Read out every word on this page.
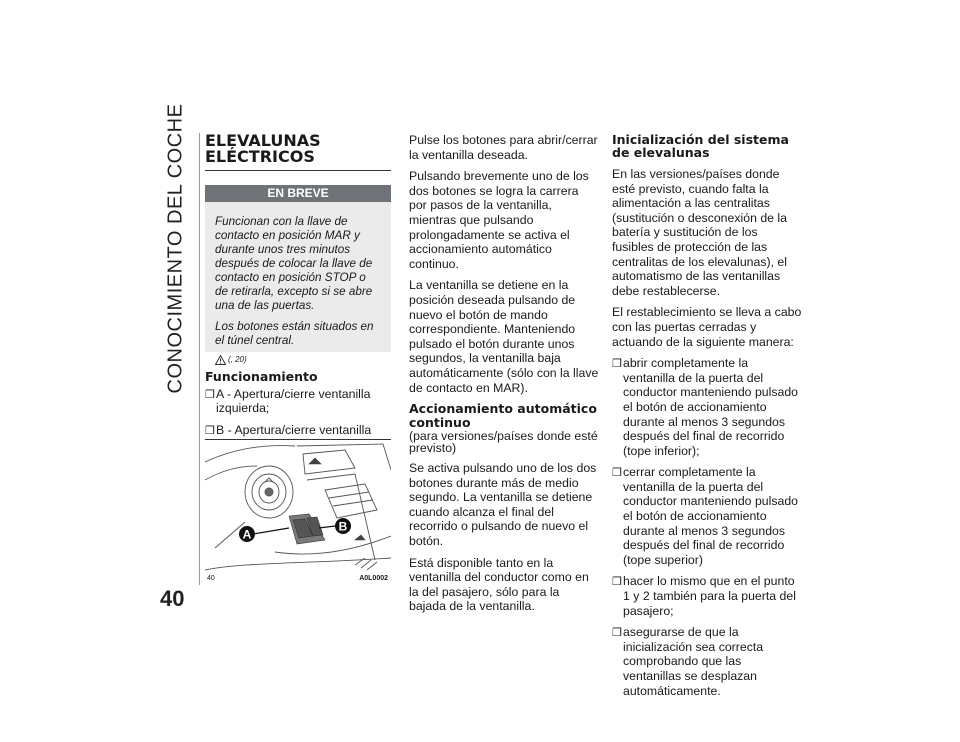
CONOCIMIENTO DEL COCHE
40
ELEVALUNAS ELÉCTRICOS
EN BREVE

Funcionan con la llave de contacto en posición MAR y durante unos tres minutos después de colocar la llave de contacto en posición STOP o de retirarla, excepto si se abre una de las puertas.

Los botones están situados en el túnel central.

(, 20)
Funcionamiento
❒ A - Apertura/cierre ventanilla izquierda;
❒ B - Apertura/cierre ventanilla
A
B
40	A0L0002

Pulse los botones para abrir/cerrar la ventanilla deseada.

Pulsando brevemente uno de los dos botones se logra la carrera por pasos de la ventanilla, mientras que pulsando prolongadamente se activa el accionamiento automático continuo.

La ventanilla se detiene en la posición deseada pulsando de nuevo el botón de mando correspondiente. Manteniendo pulsado el botón durante unos segundos, la ventanilla baja automáticamente (sólo con la llave de contacto en MAR).

Accionamiento automático continuo

(para versiones/países donde esté previsto)

Se activa pulsando uno de los dos botones durante más de medio segundo. La ventanilla se detiene cuando alcanza el final del recorrido o pulsando de nuevo el botón.

Está disponible tanto en la ventanilla del conductor como en la del pasajero, sólo para la bajada de la ventanilla.

Inicialización del sistema de elevalunas

En las versiones/países donde esté previsto, cuando falta la alimentación a las centralitas (sustitución o desconexión de la batería y sustitución de los fusibles de protección de las centralitas de los elevalunas), el automatismo de las ventanillas debe restablecerse.

El restablecimiento se lleva a cabo con las puertas cerradas y actuando de la siguiente manera:

❒ abrir completamente la ventanilla de la puerta del conductor manteniendo pulsado el botón de accionamiento durante al menos 3 segundos después del final de recorrido (tope inferior);
❒ cerrar completamente la ventanilla de la puerta del conductor manteniendo pulsado el botón de accionamiento durante al menos 3 segundos después del final de recorrido (tope superior)
❒ hacer lo mismo que en el punto 1 y 2 también para la puerta del pasajero;
❒ asegurarse de que la inicialización sea correcta comprobando que las ventanillas se desplazan automáticamente.
